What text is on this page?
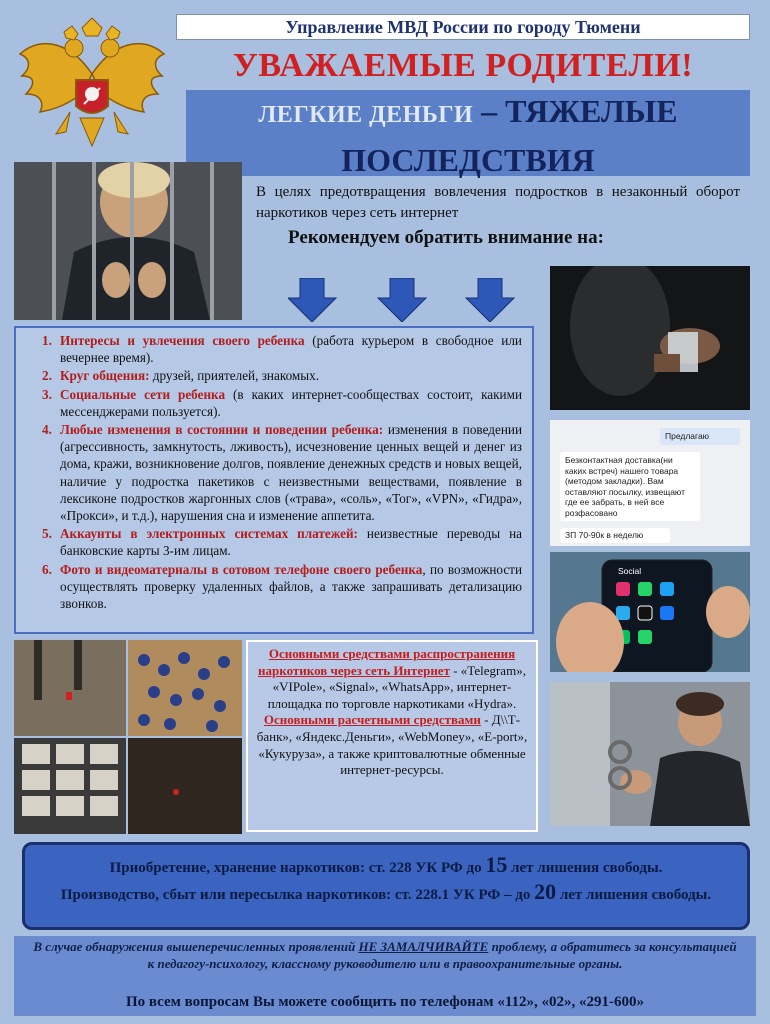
Управление МВД России по городу Тюмени
УВАЖАЕМЫЕ РОДИТЕЛИ!
ЛЕГКИЕ ДЕНЬГИ – ТЯЖЕЛЫЕ
ПОСЛЕДСТВИЯ
В целях предотвращения вовлечения подростков в незаконный оборот наркотиков через сеть интернет
Рекомендуем обратить внимание на:
Предлагаю
Безконтактная доставка(ни каких встреч) нашего товара (методом закладки). Вам оставляют посылку, извещают где ее забрать, в ней все розфасовано
ЗП 70-90к в неделю
Social
1. Интересы и увлечения своего ребенка (работа курьером в свободное или вечернее время).
2. Круг общения: друзей, приятелей, знакомых.
3. Социальные сети ребенка (в каких интернет-сообществах состоит, какими мессенджерами пользуется).
4. Любые изменения в состоянии и поведении ребенка: изменения в поведении (агрессивность, замкнутость, лживость), исчезновение ценных вещей и денег из дома, кражи, возникновение долгов, появление денежных средств и новых вещей, наличие у подростка пакетиков с неизвестными веществами, появление в лексиконе подростков жаргонных слов («трава», «соль», «Тог», «VPN», «Гидра», «Прокси», и т.д.), нарушения сна и изменение аппетита.
5. Аккаунты в электронных системах платежей: неизвестные переводы на банковские карты 3-им лицам.
6. Фото и видеоматериалы в сотовом телефоне своего ребенка, по возможности осуществлять проверку удаленных файлов, а также запрашивать детализацию звонков.
Основными средствами распространения наркотиков через сеть Интернет - «Telegram», «VIPole», «Signal», «WhatsApp», интернет-площадка по торговле наркотиками «Hydra».
Основными расчетными средствами - Д\\Т-банк», «Яндекс.Деньги», «WebMoney», «E-port», «Кукуруза», а также криптовалютные обменные интернет-ресурсы.
Приобретение, хранение наркотиков: ст. 228 УК РФ до 15 лет лишения свободы.
Производство, сбыт или пересылка наркотиков: ст. 228.1 УК РФ – до 20 лет лишения свободы.
В случае обнаружения вышеперечисленных проявлений НЕ ЗАМАЛЧИВАЙТЕ проблему, а обратитесь за консультацией к педагогу-психологу, классному руководителю или в правоохранительные органы.
По всем вопросам Вы можете сообщить по телефонам «112», «02», «291-600»
